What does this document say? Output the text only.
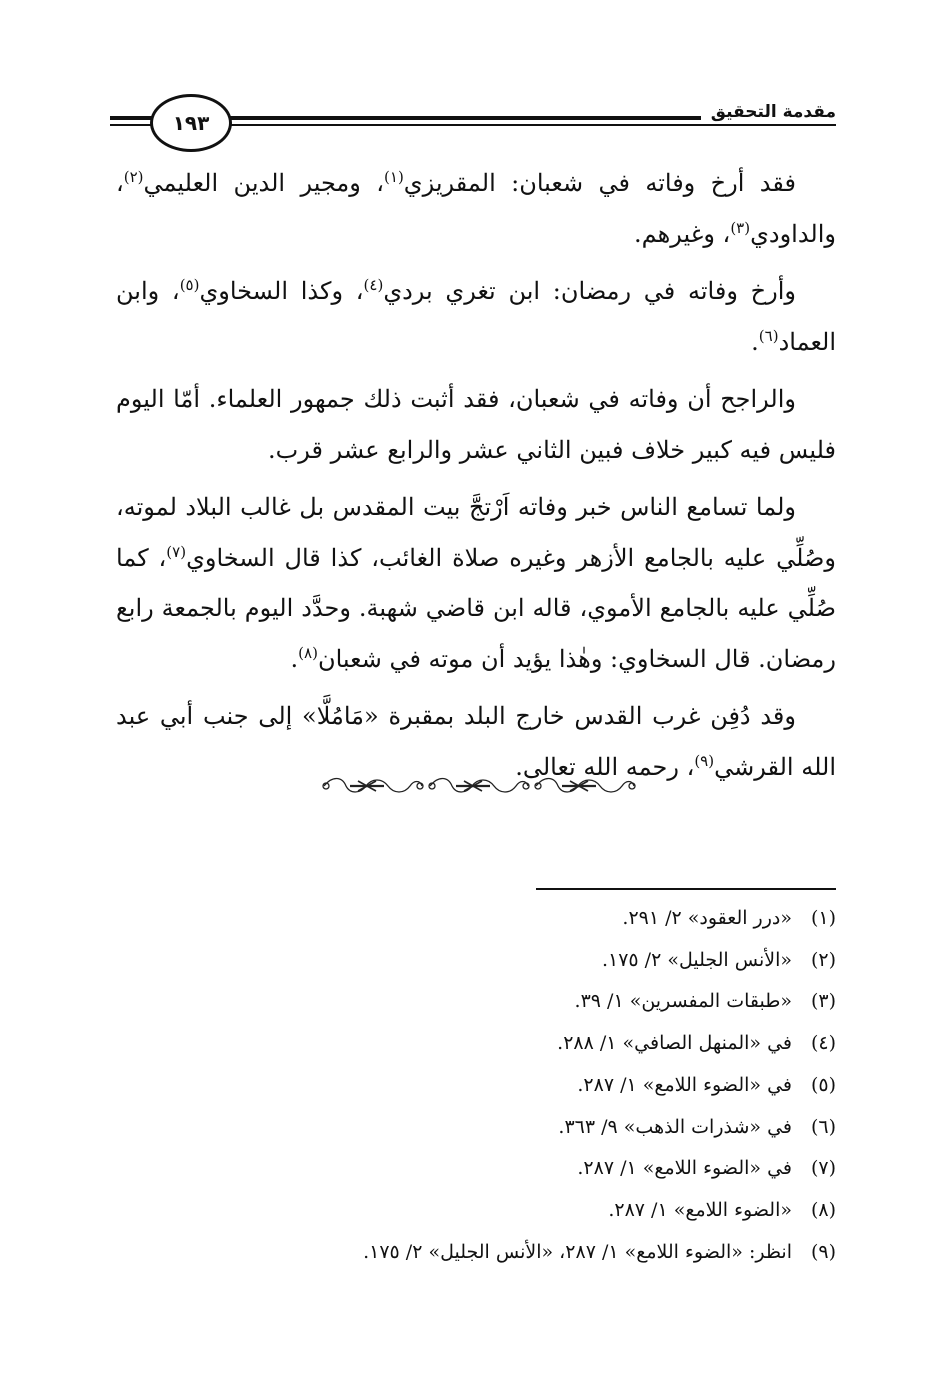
مقدمة التحقيق
١٩٣

فقد أرخ وفاته في شعبان: المقريزي$^{(١)}$، ومجير الدين العليمي$^{(٢)}$، والداودي$^{(٣)}$، وغيرهم.

وأرخ وفاته في رمضان: ابن تغري بردي$^{(٤)}$، وكذا السخاوي$^{(٥)}$، وابن العماد$^{(٦)}$.

والراجح أن وفاته في شعبان، فقد أثبت ذلك جمهور العلماء. أمّا اليوم فليس فيه كبير خلاف فبين الثاني عشر والرابع عشر قرب.

ولما تسامع الناس خبر وفاته اَرْتجَّ بيت المقدس بل غالب البلاد لموته، وصُلِّي عليه بالجامع الأزهر وغيره صلاة الغائب، كذا قال السخاوي$^{(٧)}$، كما صُلِّي عليه بالجامع الأموي، قاله ابن قاضي شهبة. وحدَّد اليوم بالجمعة رابع رمضان. قال السخاوي: وهٰذا يؤيد أن موته في شعبان$^{(٨)}$.

وقد دُفِن غرب القدس خارج البلد بمقبرة «مَامُلَّا» إلى جنب أبي عبد الله القرشي$^{(٩)}$، رحمه الله تعالى.

(١)
«درر العقود» ٢/ ٢٩١.
(٢)
«الأنس الجليل» ٢/ ١٧٥.
(٣)
«طبقات المفسرين» ١/ ٣٩.
(٤)
في «المنهل الصافي» ١/ ٢٨٨.
(٥)
في «الضوء اللامع» ١/ ٢٨٧.
(٦)
في «شذرات الذهب» ٩/ ٣٦٣.
(٧)
في «الضوء اللامع» ١/ ٢٨٧.
(٨)
«الضوء اللامع» ١/ ٢٨٧.
(٩)
انظر: «الضوء اللامع» ١/ ٢٨٧، «الأنس الجليل» ٢/ ١٧٥.
